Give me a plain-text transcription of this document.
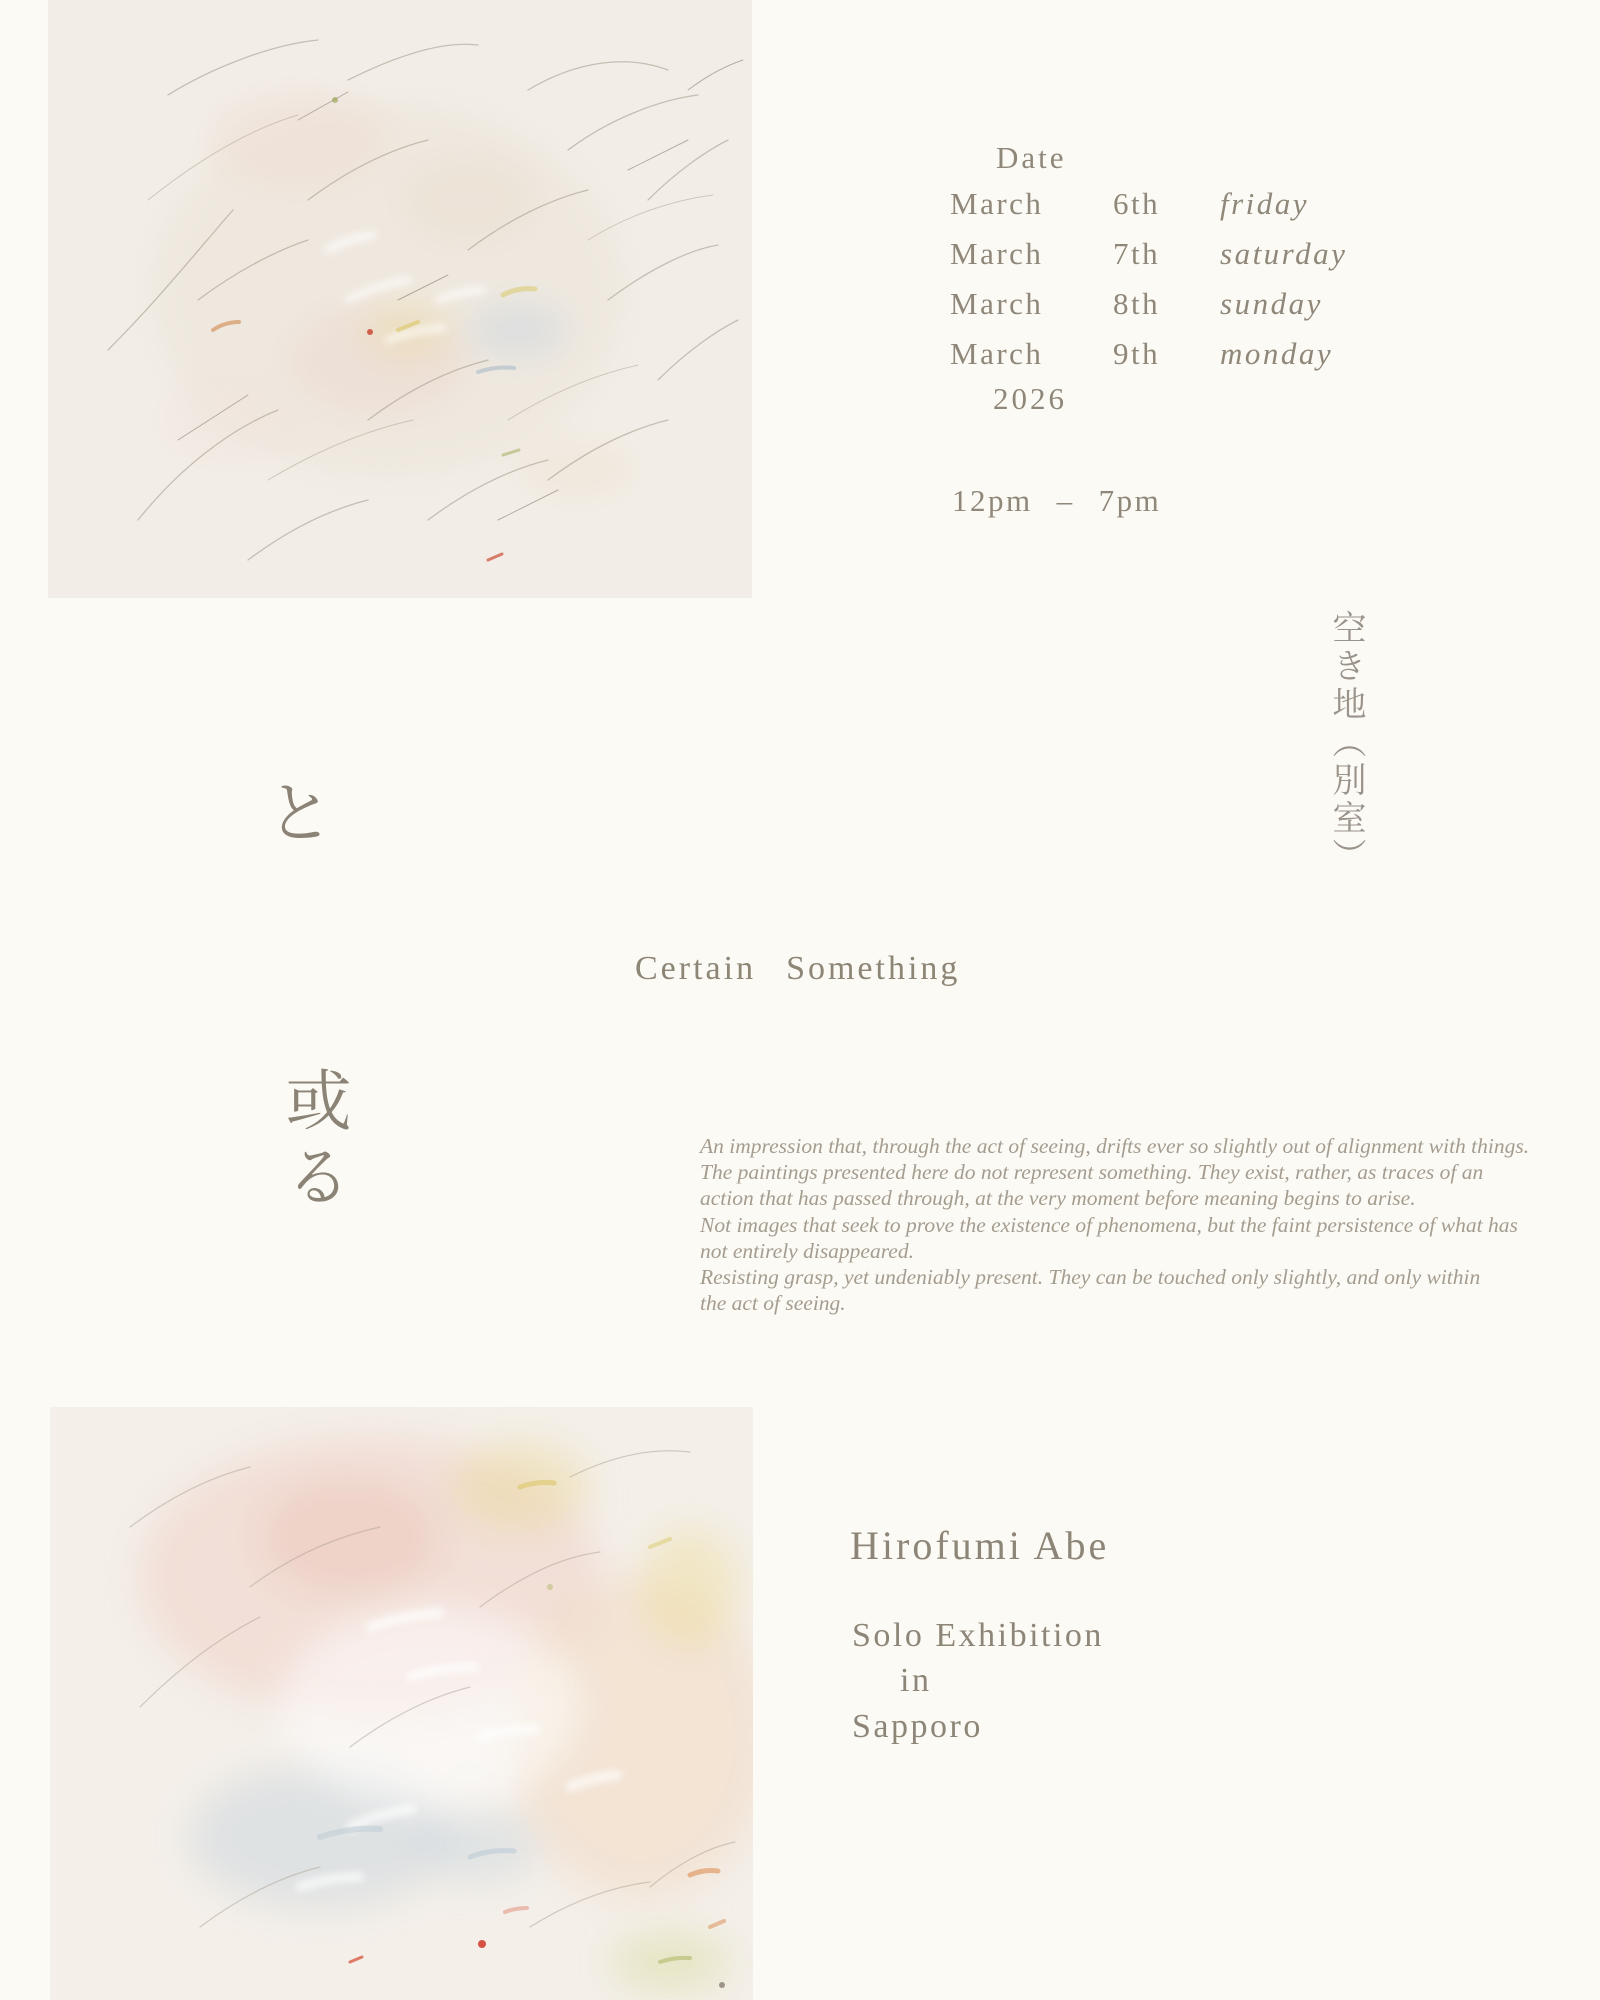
Date
March 6th friday
March 7th saturday
March 8th sunday
March 9th monday
2026
12pm – 7pm
空き地（別室）
と
或る
Certain Something
An impression that, through the act of seeing, drifts ever so slightly out of alignment with things.
The paintings presented here do not represent something. They exist, rather, as traces of an
action that has passed through, at the very moment before meaning begins to arise.
Not images that seek to prove the existence of phenomena, but the faint persistence of what has
not entirely disappeared.
Resisting grasp, yet undeniably present. They can be touched only slightly, and only within
the act of seeing.
Hirofumi Abe
Solo Exhibition
in
Sapporo
